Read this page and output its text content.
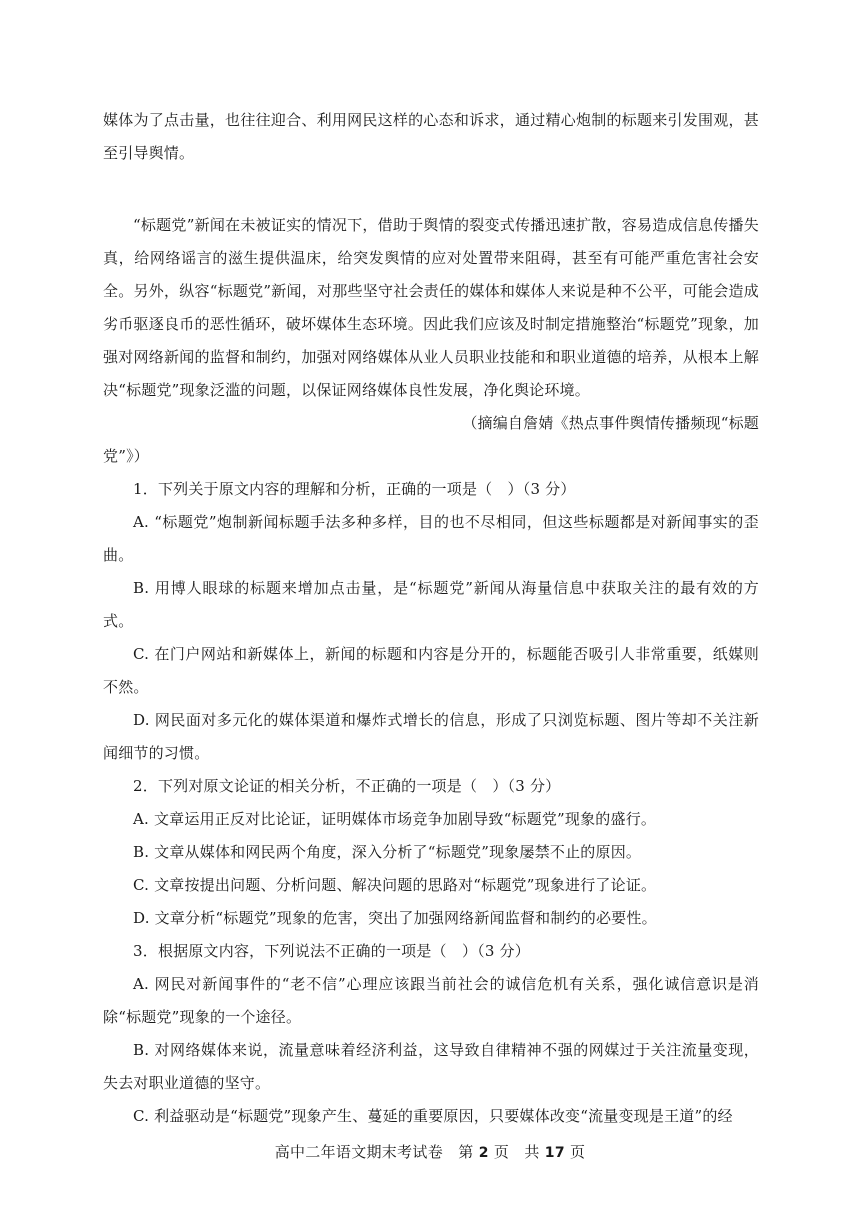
媒体为了点击量，也往往迎合、利用网民这样的心态和诉求，通过精心炮制的标题来引发围观，甚至引导舆情。

“标题党”新闻在未被证实的情况下，借助于舆情的裂变式传播迅速扩散，容易造成信息传播失真，给网络谣言的滋生提供温床，给突发舆情的应对处置带来阻碍，甚至有可能严重危害社会安全。另外，纵容“标题党”新闻，对那些坚守社会责任的媒体和媒体人来说是种不公平，可能会造成劣币驱逐良币的恶性循环，破坏媒体生态环境。因此我们应该及时制定措施整治“标题党”现象，加强对网络新闻的监督和制约，加强对网络媒体从业人员职业技能和和职业道德的培养，从根本上解决“标题党”现象泛滥的问题，以保证网络媒体良性发展，净化舆论环境。

（摘编自詹婧《热点事件舆情传播频现“标题

党”》）

1．下列关于原文内容的理解和分析，正确的一项是（　）（3 分）

A. “标题党”炮制新闻标题手法多种多样，目的也不尽相同，但这些标题都是对新闻事实的歪曲。

B. 用博人眼球的标题来增加点击量，是“标题党”新闻从海量信息中获取关注的最有效的方式。

C. 在门户网站和新媒体上，新闻的标题和内容是分开的，标题能否吸引人非常重要，纸媒则不然。

D. 网民面对多元化的媒体渠道和爆炸式增长的信息，形成了只浏览标题、图片等却不关注新闻细节的习惯。

2．下列对原文论证的相关分析，不正确的一项是（　）（3 分）

A. 文章运用正反对比论证，证明媒体市场竞争加剧导致“标题党”现象的盛行。

B. 文章从媒体和网民两个角度，深入分析了“标题党”现象屡禁不止的原因。

C. 文章按提出问题、分析问题、解决问题的思路对“标题党”现象进行了论证。

D. 文章分析“标题党”现象的危害，突出了加强网络新闻监督和制约的必要性。

3．根据原文内容，下列说法不正确的一项是（　）（3 分）

A. 网民对新闻事件的“老不信”心理应该跟当前社会的诚信危机有关系，强化诚信意识是消除“标题党”现象的一个途径。

B. 对网络媒体来说，流量意味着经济利益，这导致自律精神不强的网媒过于关注流量变现，失去对职业道德的坚守。

C. 利益驱动是“标题党”现象产生、蔓延的重要原因，只要媒体改变“流量变现是王道”的经

高中二年语文期末考试卷　第 2 页　共 17 页
